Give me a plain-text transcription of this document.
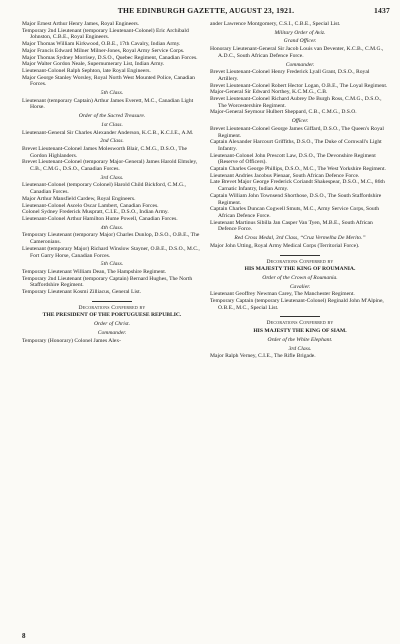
THE EDINBURGH GAZETTE, AUGUST 23, 1921.	1437

Major Ernest Arthur Henry James, Royal Engineers.

Temporary 2nd Lieutenant (temporary Lieutenant-Colonel) Eric Archibald Johnston, C.B.E., Royal Engineers.

Major Thomas William Kirkwood, O.B.E., 17th Cavalry, Indian Army.

Major Francis Edward Milner Milner-Jones, Royal Army Service Corps.

Major Thomas Sydney Morrisey, D.S.O., Quebec Regiment, Canadian Forces.

Major Walter Gordon Neale, Supernumerary List, Indian Army.

Lieutenant-Colonel Ralph Sephton, late Royal Engineers.

Major George Stanley Worsley, Royal North West Mounted Police, Canadian Forces.

5th Class.

Lieutenant (temporary Captain) Arthur James Everett, M.C., Canadian Light Horse.

Order of the Sacred Treasure.

1st Class.

Lieutenant-General Sir Charles Alexander Anderson, K.C.B., K.C.I.E., A.M.

2nd Class.

Brevet Lieutenant-Colonel James Molesworth Blair, C.M.G., D.S.O., The Gordon Highlanders.

Brevet Lieutenant-Colonel (temporary Major-General) James Harold Elmsley, C.B., C.M.G., D.S.O., Canadian Forces.

3rd Class.

Lieutenant-Colonel (temporary Colonel) Harold Child Bickford, C.M.G., Canadian Forces.

Major Arthur Mansfield Cardew, Royal Engineers.

Lieutenant-Colonel Ascelo Oscar Lambert, Canadian Forces.

Colonel Sydney Frederick Muspratt, C.I.E., D.S.O., Indian Army.

Lieutenant-Colonel Arthur Hamilton Hume Powell, Canadian Forces.

4th Class.

Temporary Lieutenant (temporary Major) Charles Dunlop, D.S.O., O.B.E., The Cameronians.

Lieutenant (temporary Major) Richard Winslow Stayner, O.B.E., D.S.O., M.C., Fort Garry Horse, Canadian Forces.

5th Class.

Temporary Lieutenant William Dean, The Hampshire Regiment.

Temporary 2nd Lieutenant (temporary Captain) Bernard Hughes, The North Staffordshire Regiment.

Temporary Lieutenant Kosmi Zilliacus, General List.

Decorations Conferred by

THE PRESIDENT OF THE PORTUGUESE REPUBLIC.

Order of Christ.

Commander.

Temporary (Honorary) Colonel James Alex-

ander Lawrence Montgomery, C.S.I., C.B.E., Special List.

Military Order of Aviz.

Grand Officer.

Honorary Lieutenant-General Sir Jacob Louis van Deventer, K.C.B., C.M.G., A.D.C., South African Defence Force.

Commander.

Brevet Lieutenant-Colonel Henry Frederick Lyall Grant, D.S.O., Royal Artillery.

Brevet Lieutenant-Colonel Robert Hector Logan, O.B.E., The Loyal Regiment.

Major-General Sir Edward Northey, K.C.M.G., C.B.

Brevet Lieutenant-Colonel Richard Aubrey De Burgh Ross, C.M.G., D.S.O., The Worcestershire Regiment.

Major-General Seymour Hulbert Sheppard, C.B., C.M.G., D.S.O.

Officer.

Brevet Lieutenant-Colonel George James Giffard, D.S.O., The Queen's Royal Regiment.

Captain Alexander Harcourt Griffiths, D.S.O., The Duke of Cornwall's Light Infantry.

Lieutenant-Colonel John Prescott Law, D.S.O., The Devonshire Regiment (Reserve of Officers).

Captain Charles George Phillips, D.S.O., M.C., The West Yorkshire Regiment.

Lieutenant Andries Jacobus Pienaar, South African Defence Force.

Late Brevet Major George Frederick Coriandt Shakespear, D.S.O., M.C., 86th Carnatic Infantry, Indian Army.

Captain William John Townsend Shorthose, D.S.O., The South Staffordshire Regiment.

Captain Charles Duncan Cogwell Smuts, M.C., Army Service Corps, South African Defence Force.

Lieutenant Martinus Sibilla Jan Casper Van Tyen, M.B.E., South African Defence Force.

Red Cross Medal, 3rd Class, “Cruz Vermelha De Merito.”

Major John Utting, Royal Army Medical Corps (Territorial Force).

Decorations Conferred by

HIS MAJESTY THE KING OF ROUMANIA.

Order of the Crown of Roumania.

Cavalier.

Lieutenant Geoffrey Newman Carey, The Manchester Regiment.

Temporary Captain (temporary Lieutenant-Colonel) Reginald John M'Alpine, O.B.E., M.C., Special List.

Decorations Conferred by

HIS MAJESTY THE KING OF SIAM.

Order of the White Elephant.

3rd Class.

Major Ralph Verney, C.I.E., The Rifle Brigade.

8
